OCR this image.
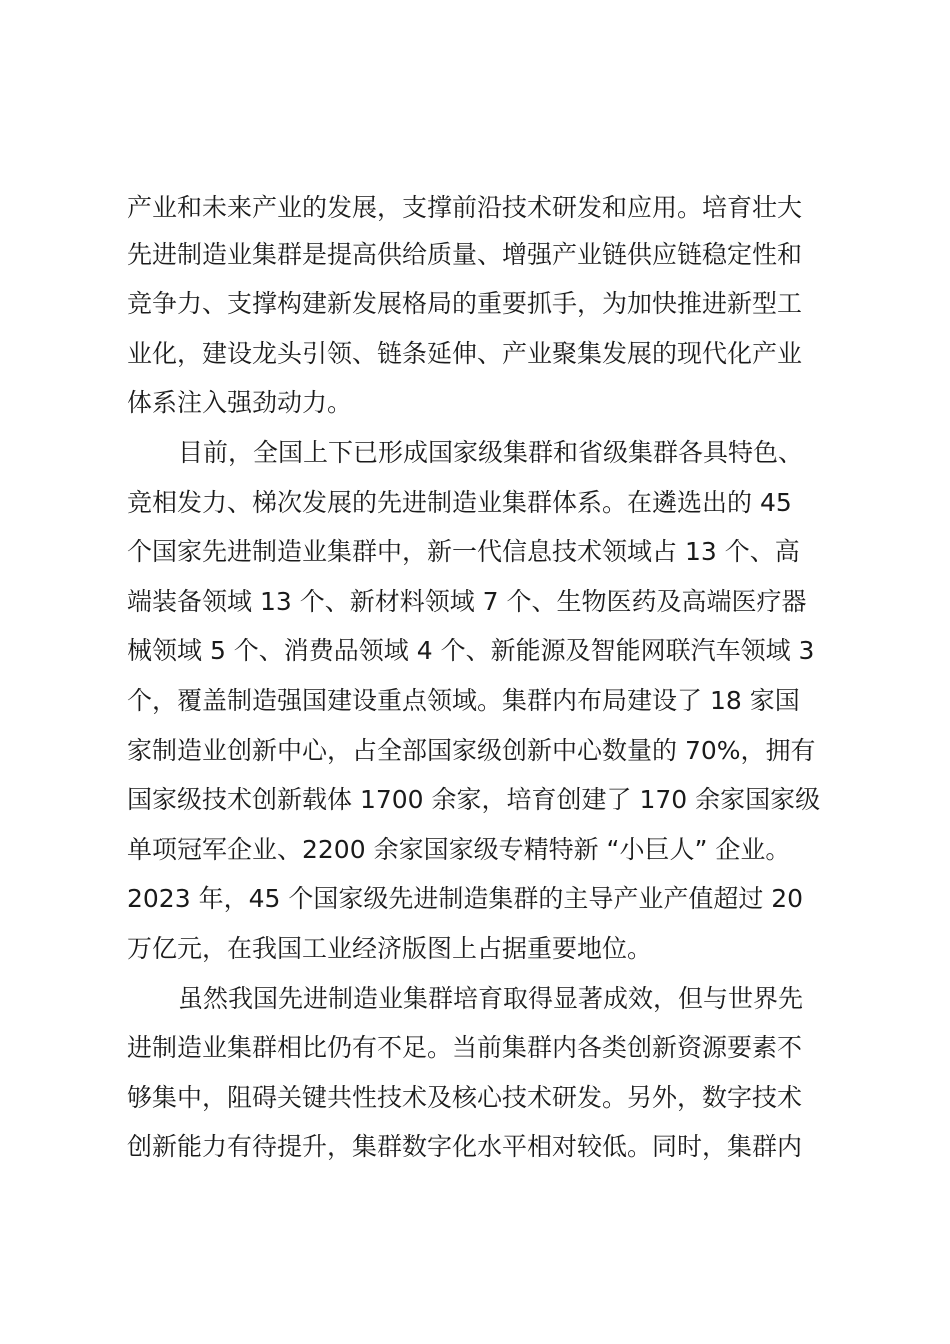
产业和未来产业的发展，支撑前沿技术研发和应用。培育壮大
先进制造业集群是提高供给质量、增强产业链供应链稳定性和
竞争力、支撑构建新发展格局的重要抓手，为加快推进新型工
业化，建设龙头引领、链条延伸、产业聚集发展的现代化产业
体系注入强劲动力。
目前，全国上下已形成国家级集群和省级集群各具特色、
竞相发力、梯次发展的先进制造业集群体系。在遴选出的 45
个国家先进制造业集群中，新一代信息技术领域占 13 个、高
端装备领域 13 个、新材料领域 7 个、生物医药及高端医疗器
械领域 5 个、消费品领域 4 个、新能源及智能网联汽车领域 3
个，覆盖制造强国建设重点领域。集群内布局建设了 18 家国
家制造业创新中心，占全部国家级创新中心数量的 70%，拥有
国家级技术创新载体 1700 余家，培育创建了 170 余家国家级
单项冠军企业、2200 余家国家级专精特新 “小巨人” 企业。
2023 年，45 个国家级先进制造集群的主导产业产值超过 20
万亿元，在我国工业经济版图上占据重要地位。
虽然我国先进制造业集群培育取得显著成效，但与世界先
进制造业集群相比仍有不足。当前集群内各类创新资源要素不
够集中，阻碍关键共性技术及核心技术研发。另外，数字技术
创新能力有待提升，集群数字化水平相对较低。同时，集群内
